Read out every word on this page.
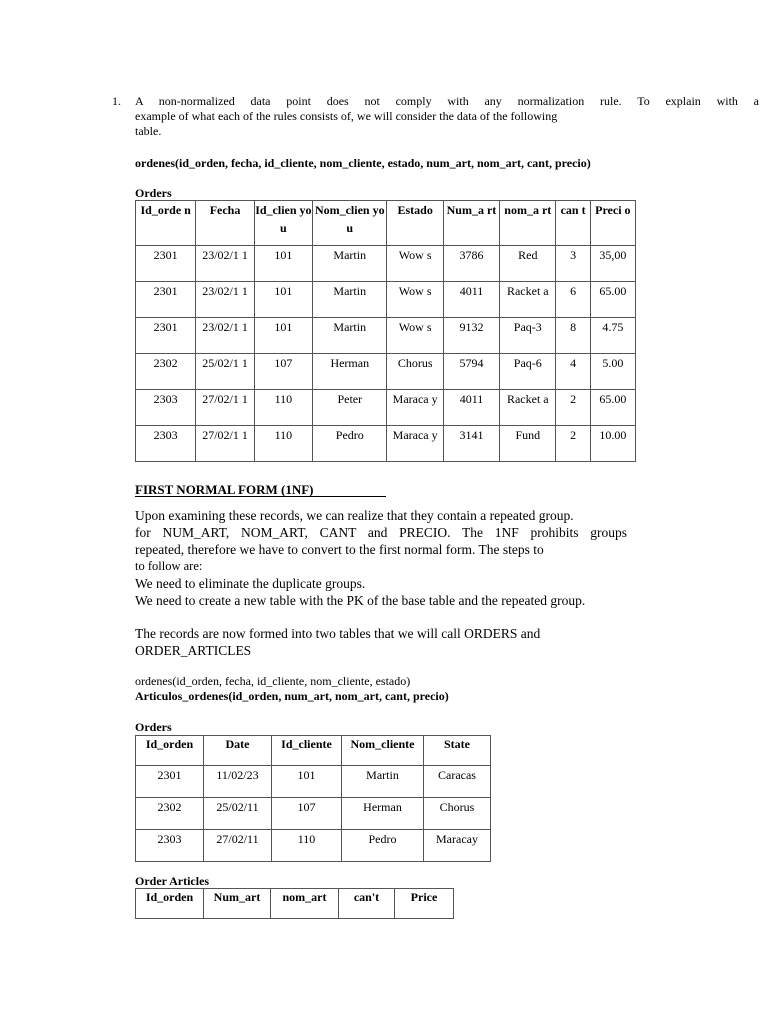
1. A non-normalized data point does not comply with any normalization rule. To explain with a
example of what each of the rules consists of, we will consider the data of the following
table.
ordenes(id_orden, fecha, id_cliente, nom_cliente, estado, num_art, nom_art, cant, precio)
Orders
Id_orde n	Fecha	Id_clien you	Nom_clien you	Estado	Num_a rt	nom_a rt	can t	Preci o
2301	23/02/1 1	101	Martin	Wow s	3786	Red	3	35,00
2301	23/02/1 1	101	Martin	Wow s	4011	Racket a	6	65.00
2301	23/02/1 1	101	Martin	Wow s	9132	Paq-3	8	4.75
2302	25/02/1 1	107	Herman	Chorus	5794	Paq-6	4	5.00
2303	27/02/1 1	110	Peter	Maraca y	4011	Racket a	2	65.00
2303	27/02/1 1	110	Pedro	Maraca y	3141	Fund	2	10.00
FIRST NORMAL FORM (1NF)
Upon examining these records, we can realize that they contain a repeated group.
for NUM_ART, NOM_ART, CANT and PRECIO. The 1NF prohibits groups
repeated, therefore we have to convert to the first normal form. The steps to
to follow are:
We need to eliminate the duplicate groups.
We need to create a new table with the PK of the base table and the repeated group.
The records are now formed into two tables that we will call ORDERS and
ORDER_ARTICLES
ordenes(id_orden, fecha, id_cliente, nom_cliente, estado)
Articulos_ordenes(id_orden, num_art, nom_art, cant, precio)
Orders
Id_orden	Date	Id_cliente	Nom_cliente	State
2301	11/02/23	101	Martin	Caracas
2302	25/02/11	107	Herman	Chorus
2303	27/02/11	110	Pedro	Maracay
Order Articles
Id_orden	Num_art	nom_art	can't	Price
